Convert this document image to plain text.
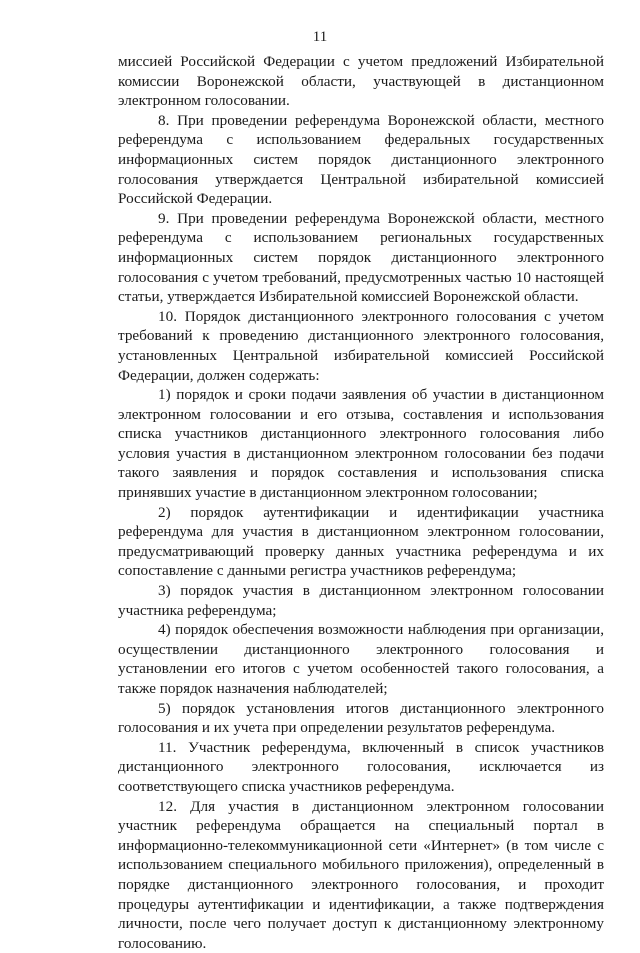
11

миссией Российской Федерации с учетом предложений Избирательной комиссии Воронежской области, участвующей в дистанционном электронном голосовании.

8. При проведении референдума Воронежской области, местного референдума с использованием федеральных государственных информационных систем порядок дистанционного электронного голосования утверждается Центральной избирательной комиссией Российской Федерации.

9. При проведении референдума Воронежской области, местного референдума с использованием региональных государственных информационных систем порядок дистанционного электронного голосования с учетом требований, предусмотренных частью 10 настоящей статьи, утверждается Избирательной комиссией Воронежской области.

10. Порядок дистанционного электронного голосования с учетом требований к проведению дистанционного электронного голосования, установленных Центральной избирательной комиссией Российской Федерации, должен содержать:

1) порядок и сроки подачи заявления об участии в дистанционном электронном голосовании и его отзыва, составления и использования списка участников дистанционного электронного голосования либо условия участия в дистанционном электронном голосовании без подачи такого заявления и порядок составления и использования списка принявших участие в дистанционном электронном голосовании;

2) порядок аутентификации и идентификации участника референдума для участия в дистанционном электронном голосовании, предусматривающий проверку данных участника референдума и их сопоставление с данными регистра участников референдума;

3) порядок участия в дистанционном электронном голосовании участника референдума;

4) порядок обеспечения возможности наблюдения при организации, осуществлении дистанционного электронного голосования и установлении его итогов с учетом особенностей такого голосования, а также порядок назначения наблюдателей;

5) порядок установления итогов дистанционного электронного голосования и их учета при определении результатов референдума.

11. Участник референдума, включенный в список участников дистанционного электронного голосования, исключается из соответствующего списка участников референдума.

12. Для участия в дистанционном электронном голосовании участник референдума обращается на специальный портал в информационно-телекоммуникационной сети «Интернет» (в том числе с использованием специального мобильного приложения), определенный в порядке дистанционного электронного голосования, и проходит процедуры аутентификации и идентификации, а также подтверждения личности, после чего получает доступ к дистанционному электронному голосованию.
